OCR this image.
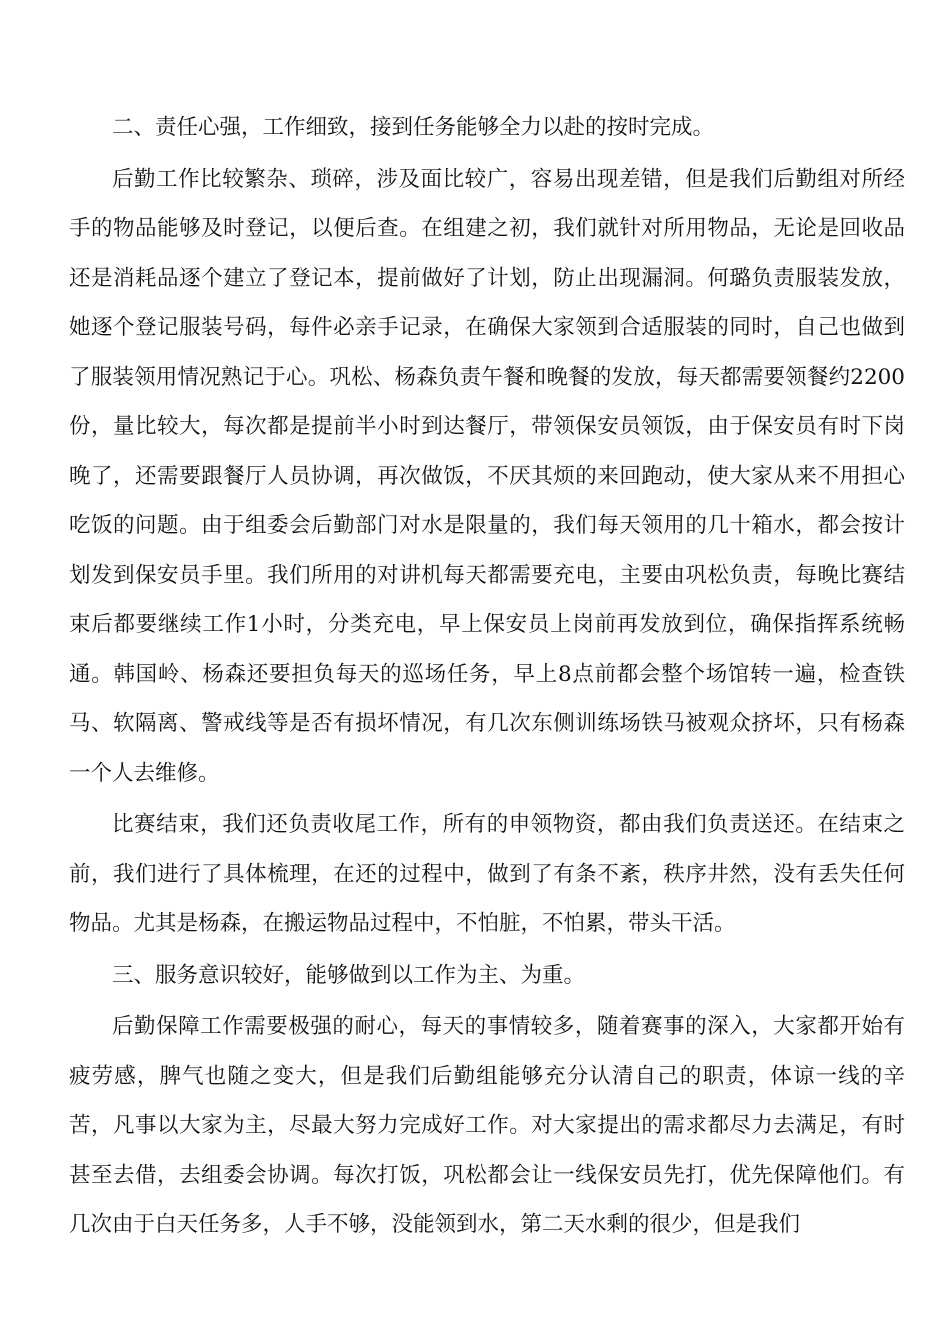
二、责任心强，工作细致，接到任务能够全力以赴的按时完成。

后勤工作比较繁杂、琐碎，涉及面比较广，容易出现差错，但是我们后勤组对所经手的物品能够及时登记，以便后查。在组建之初，我们就针对所用物品，无论是回收品还是消耗品逐个建立了登记本，提前做好了计划，防止出现漏洞。何璐负责服装发放，她逐个登记服装号码，每件必亲手记录，在确保大家领到合适服装的同时，自己也做到了服装领用情况熟记于心。巩松、杨森负责午餐和晚餐的发放，每天都需要领餐约2200份，量比较大，每次都是提前半小时到达餐厅，带领保安员领饭，由于保安员有时下岗晚了，还需要跟餐厅人员协调，再次做饭，不厌其烦的来回跑动，使大家从来不用担心吃饭的问题。由于组委会后勤部门对水是限量的，我们每天领用的几十箱水，都会按计划发到保安员手里。我们所用的对讲机每天都需要充电，主要由巩松负责，每晚比赛结束后都要继续工作1小时，分类充电，早上保安员上岗前再发放到位，确保指挥系统畅通。韩国岭、杨森还要担负每天的巡场任务，早上8点前都会整个场馆转一遍，检查铁马、软隔离、警戒线等是否有损坏情况，有几次东侧训练场铁马被观众挤坏，只有杨森一个人去维修。

比赛结束，我们还负责收尾工作，所有的申领物资，都由我们负责送还。在结束之前，我们进行了具体梳理，在还的过程中，做到了有条不紊，秩序井然，没有丢失任何物品。尤其是杨森，在搬运物品过程中，不怕脏，不怕累，带头干活。

三、服务意识较好，能够做到以工作为主、为重。

后勤保障工作需要极强的耐心，每天的事情较多，随着赛事的深入，大家都开始有疲劳感，脾气也随之变大，但是我们后勤组能够充分认清自己的职责，体谅一线的辛苦，凡事以大家为主，尽最大努力完成好工作。对大家提出的需求都尽力去满足，有时甚至去借，去组委会协调。每次打饭，巩松都会让一线保安员先打，优先保障他们。有几次由于白天任务多，人手不够，没能领到水，第二天水剩的很少，但是我们
